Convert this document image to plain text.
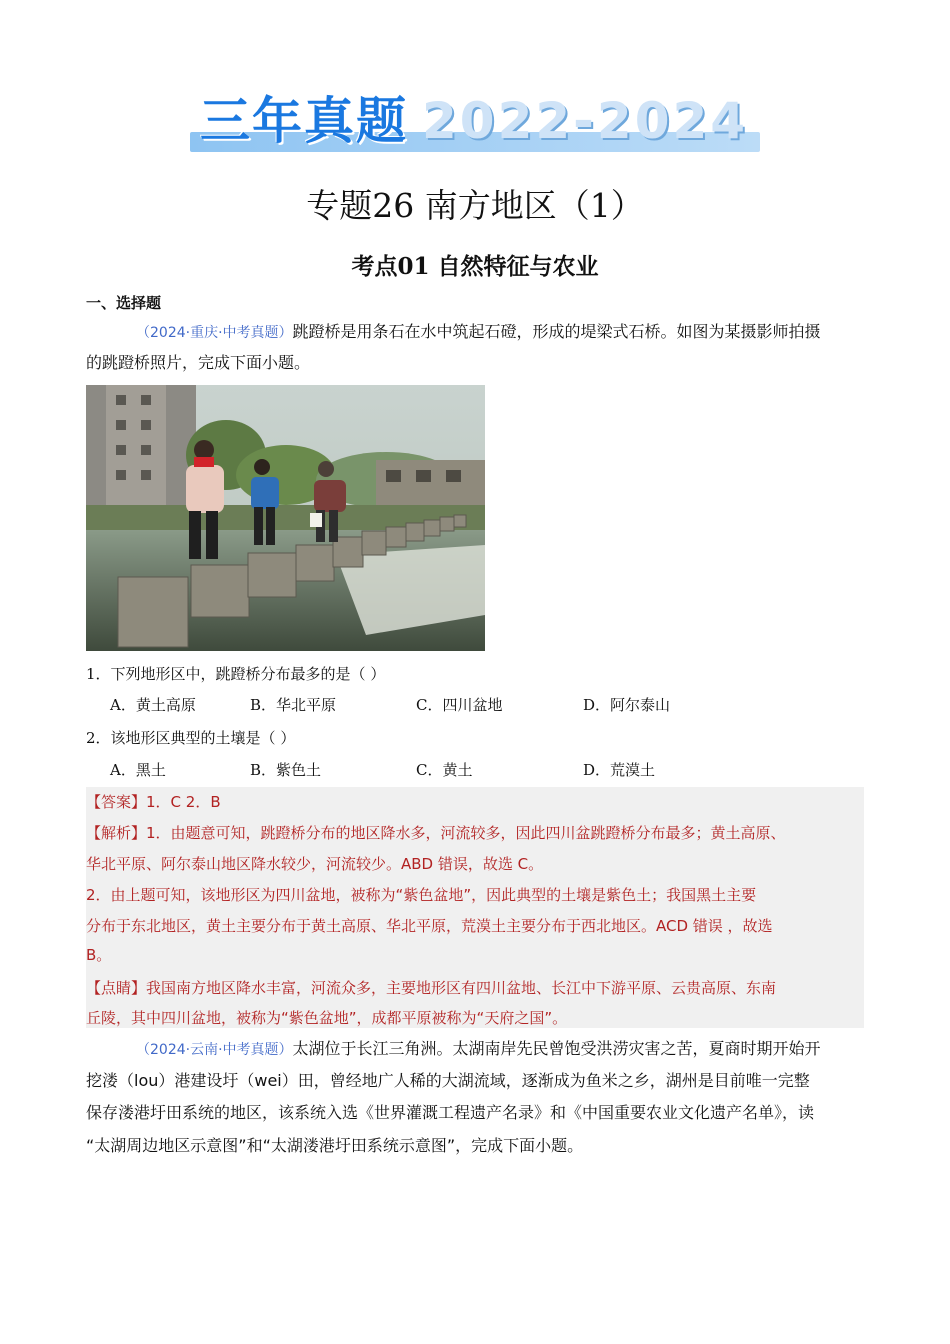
三年真题 2022-2024
专题26 南方地区（1）
考点01 自然特征与农业
一、选择题
（2024·重庆·中考真题）跳蹬桥是用条石在水中筑起石磴，形成的堤梁式石桥。如图为某摄影师拍摄
的跳蹬桥照片，完成下面小题。
1．下列地形区中，跳蹬桥分布最多的是（ ）
A．黄土高原	B．华北平原	C．四川盆地	D．阿尔泰山
2．该地形区典型的土壤是（ ）
A．黑土	B．紫色土	C．黄土	D．荒漠土
【答案】1．C 2．B
【解析】1．由题意可知，跳蹬桥分布的地区降水多，河流较多，因此四川盆跳蹬桥分布最多；黄土高原、
华北平原、阿尔泰山地区降水较少，河流较少。ABD 错误，故选 C。
2．由上题可知，该地形区为四川盆地，被称为“紫色盆地”，因此典型的土壤是紫色土；我国黑土主要
分布于东北地区，黄土主要分布于黄土高原、华北平原，荒漠土主要分布于西北地区。ACD 错误 ，故选
B。
【点睛】我国南方地区降水丰富，河流众多，主要地形区有四川盆地、长江中下游平原、云贵高原、东南
丘陵，其中四川盆地，被称为“紫色盆地”，成都平原被称为“天府之国”。
（2024·云南·中考真题）太湖位于长江三角洲。太湖南岸先民曾饱受洪涝灾害之苦，夏商时期开始开
挖溇（lou）港建设圩（wei）田，曾经地广人稀的大湖流域，逐渐成为鱼米之乡，湖州是目前唯一完整
保存溇港圩田系统的地区，该系统入选《世界灌溉工程遗产名录》和《中国重要农业文化遗产名单》，读
“太湖周边地区示意图”和“太湖溇港圩田系统示意图”，完成下面小题。
